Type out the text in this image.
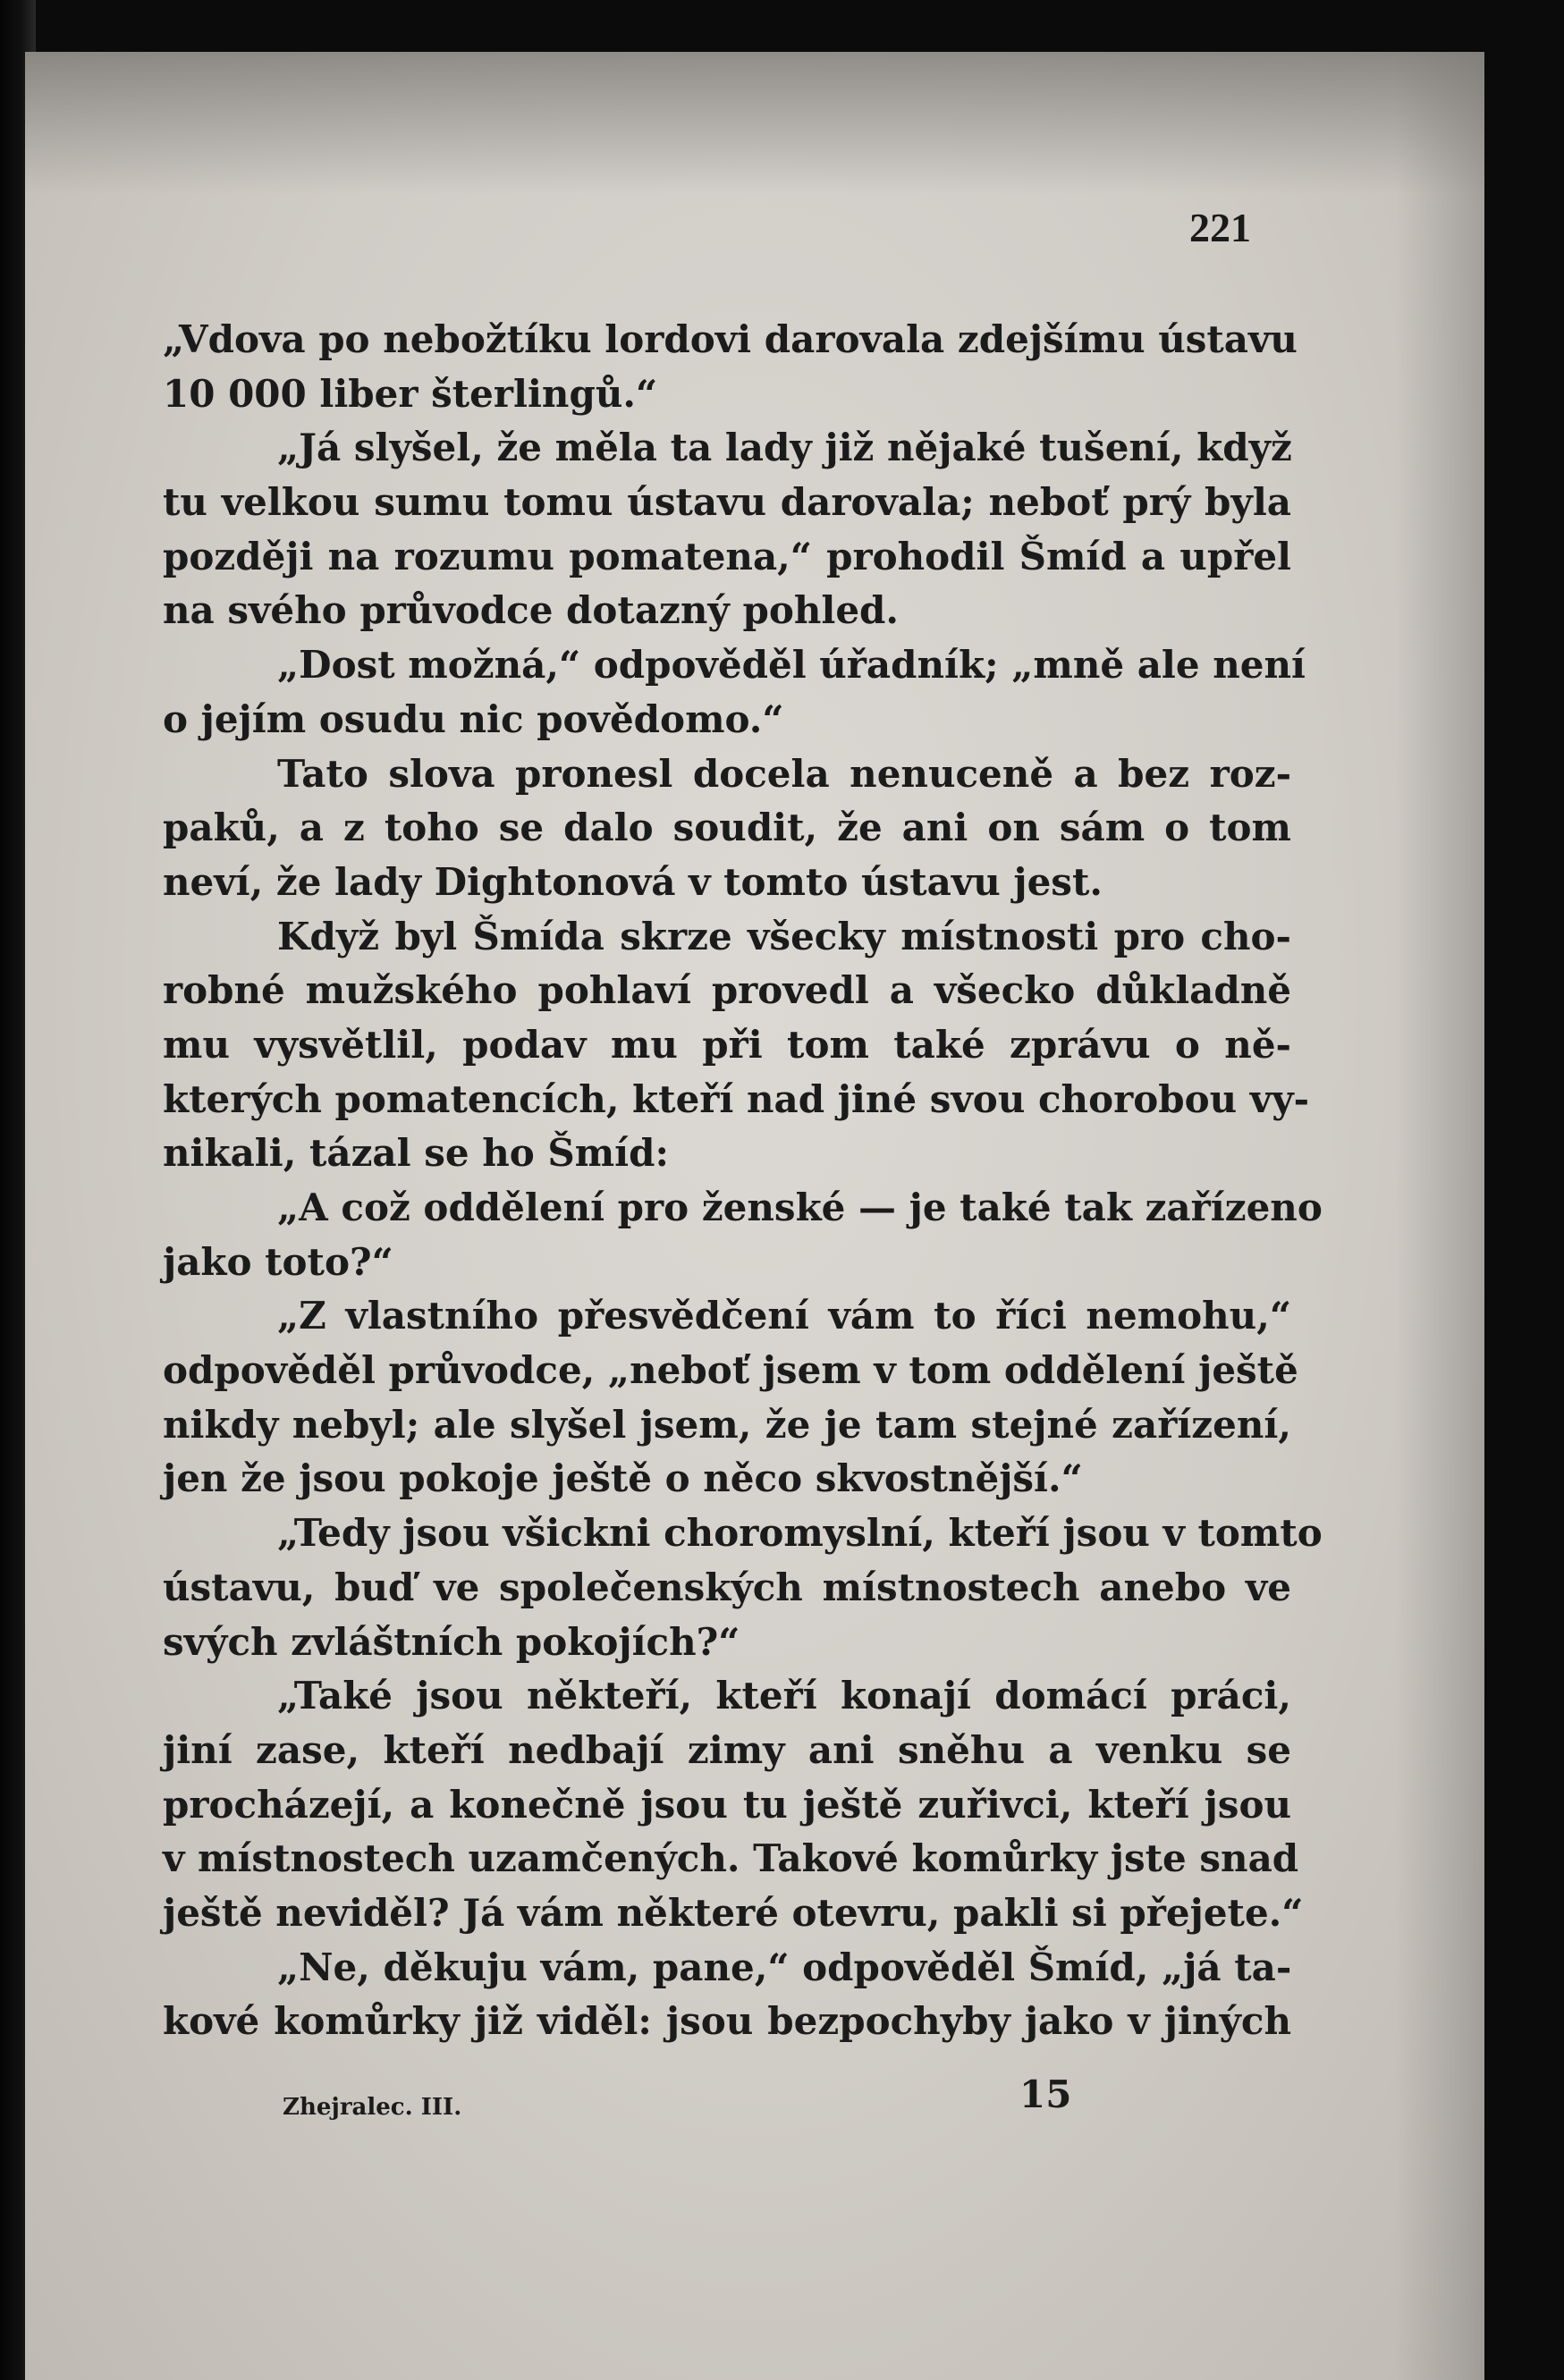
221
„Vdova po nebožtíku lordovi darovala zdejšímu ústavu
10 000 liber šterlingů.“
„Já slyšel, že měla ta lady již nějaké tušení, když
tu velkou sumu tomu ústavu darovala; neboť prý byla
později na rozumu pomatena,“ prohodil Šmíd a upřel
na svého průvodce dotazný pohled.
„Dost možná,“ odpověděl úřadník; „mně ale není
o jejím osudu nic povědomo.“
Tato slova pronesl docela nenuceně a bez roz-
paků, a z toho se dalo soudit, že ani on sám o tom
neví, že lady Dightonová v tomto ústavu jest.
Když byl Šmída skrze všecky místnosti pro cho-
robné mužského pohlaví provedl a všecko důkladně
mu vysvětlil, podav mu při tom také zprávu o ně-
kterých pomatencích, kteří nad jiné svou chorobou vy-
nikali, tázal se ho Šmíd:
„A což oddělení pro ženské — je také tak zařízeno
jako toto?“
„Z vlastního přesvědčení vám to říci nemohu,“
odpověděl průvodce, „neboť jsem v tom oddělení ještě
nikdy nebyl; ale slyšel jsem, že je tam stejné zařízení,
jen že jsou pokoje ještě o něco skvostnější.“
„Tedy jsou všickni choromyslní, kteří jsou v tomto
ústavu, buď ve společenských místnostech anebo ve
svých zvláštních pokojích?“
„Také jsou někteří, kteří konají domácí práci,
jiní zase, kteří nedbají zimy ani sněhu a venku se
procházejí, a konečně jsou tu ještě zuřivci, kteří jsou
v místnostech uzamčených. Takové komůrky jste snad
ještě neviděl? Já vám některé otevru, pakli si přejete.“
„Ne, děkuju vám, pane,“ odpověděl Šmíd, „já ta-
kové komůrky již viděl: jsou bezpochyby jako v jiných
Zhejralec. III.	15
